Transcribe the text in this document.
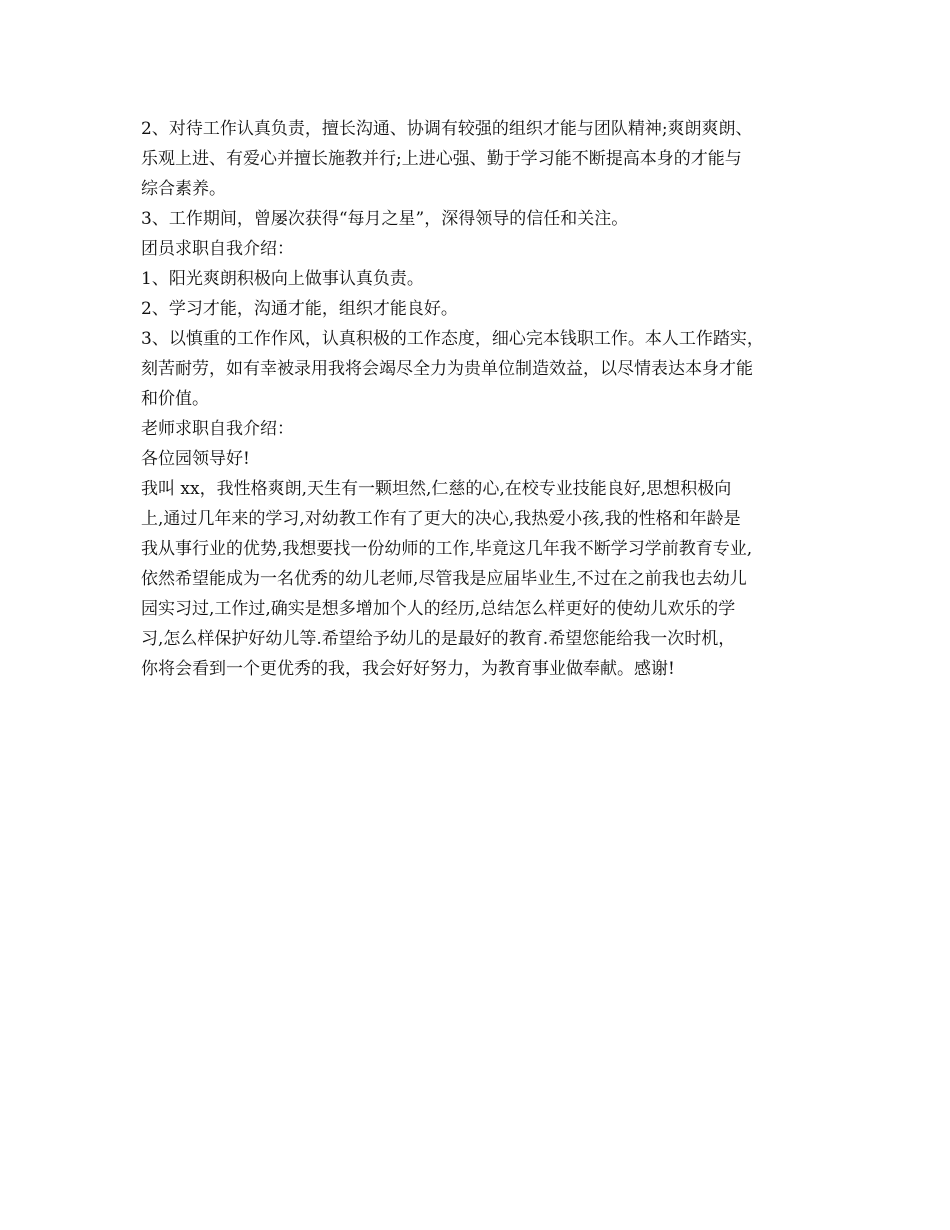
2、对待工作认真负责，擅长沟通、协调有较强的组织才能与团队精神;爽朗爽朗、
乐观上进、有爱心并擅长施教并行;上进心强、勤于学习能不断提高本身的才能与
综合素养。
3、工作期间，曾屡次获得“每月之星”，深得领导的信任和关注。
团员求职自我介绍：
1、阳光爽朗积极向上做事认真负责。
2、学习才能，沟通才能，组织才能良好。
3、以慎重的工作作风，认真积极的工作态度，细心完本钱职工作。本人工作踏实，
刻苦耐劳，如有幸被录用我将会竭尽全力为贵单位制造效益，以尽情表达本身才能
和价值。
老师求职自我介绍：
各位园领导好!
我叫 xx，我性格爽朗,天生有一颗坦然,仁慈的心,在校专业技能良好,思想积极向
上,通过几年来的学习,对幼教工作有了更大的决心,我热爱小孩,我的性格和年龄是
我从事行业的优势,我想要找一份幼师的工作,毕竟这几年我不断学习学前教育专业,
依然希望能成为一名优秀的幼儿老师,尽管我是应届毕业生,不过在之前我也去幼儿
园实习过,工作过,确实是想多增加个人的经历,总结怎么样更好的使幼儿欢乐的学
习,怎么样保护好幼儿等.希望给予幼儿的是最好的教育.希望您能给我一次时机，
你将会看到一个更优秀的我，我会好好努力，为教育事业做奉献。感谢!
